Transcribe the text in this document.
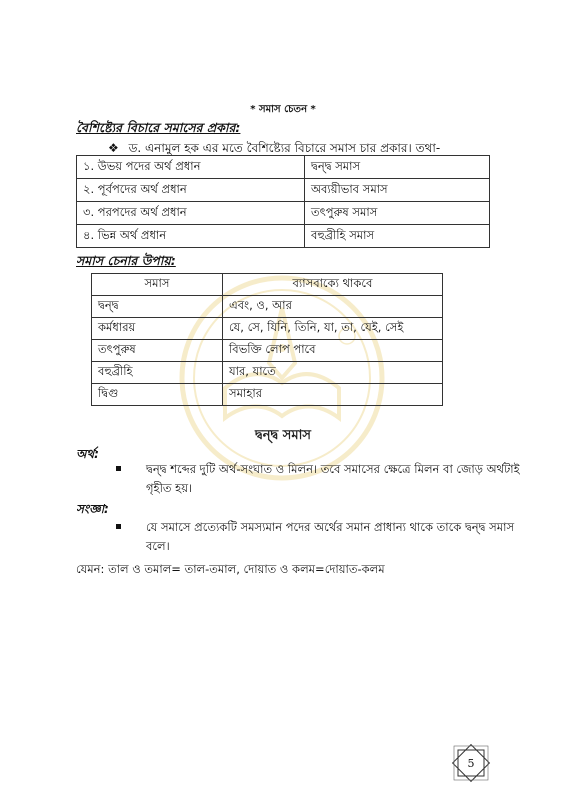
* সমাস চেতন *
বৈশিষ্ট্যের বিচারে সমাসের প্রকার:
❖ ড. এনামুল হক এর মতে বৈশিষ্ট্যের বিচারে সমাস চার প্রকার। তথা-
১. উভয় পদের অর্থ প্রধান	দ্বন্দ্ব সমাস
২. পূর্বপদের অর্থ প্রধান	অব্যয়ীভাব সমাস
৩. পরপদের অর্থ প্রধান	তৎপুরুষ সমাস
৪. ভিন্ন অর্থ প্রধান	বহুব্রীহি সমাস
সমাস চেনার উপায়:
সমাস	ব্যাসবাক্যে থাকবে
দ্বন্দ্ব	এবং, ও, আর
কর্মধারয়	যে, সে, যিনি, তিনি, যা, তা, যেই, সেই
তৎপুরুষ	বিভক্তি লোপ পাবে
বহুব্রীহি	যার, যাতে
দ্বিগু	সমাহার
দ্বন্দ্ব সমাস
অর্থ:

দ্বন্দ্ব শব্দের দুটি অর্থ-সংঘাত ও মিলন। তবে সমাসের ক্ষেত্রে মিলন বা জোড় অর্থটাই গৃহীত হয়।

সংজ্ঞা:

যে সমাসে প্রত্যেকটি সমস্যমান পদের অর্থের সমান প্রাধান্য থাকে তাকে দ্বন্দ্ব সমাস বলে।

যেমন: তাল ও তমাল= তাল-তমাল, দোয়াত ও কলম=দোয়াত-কলম
5
